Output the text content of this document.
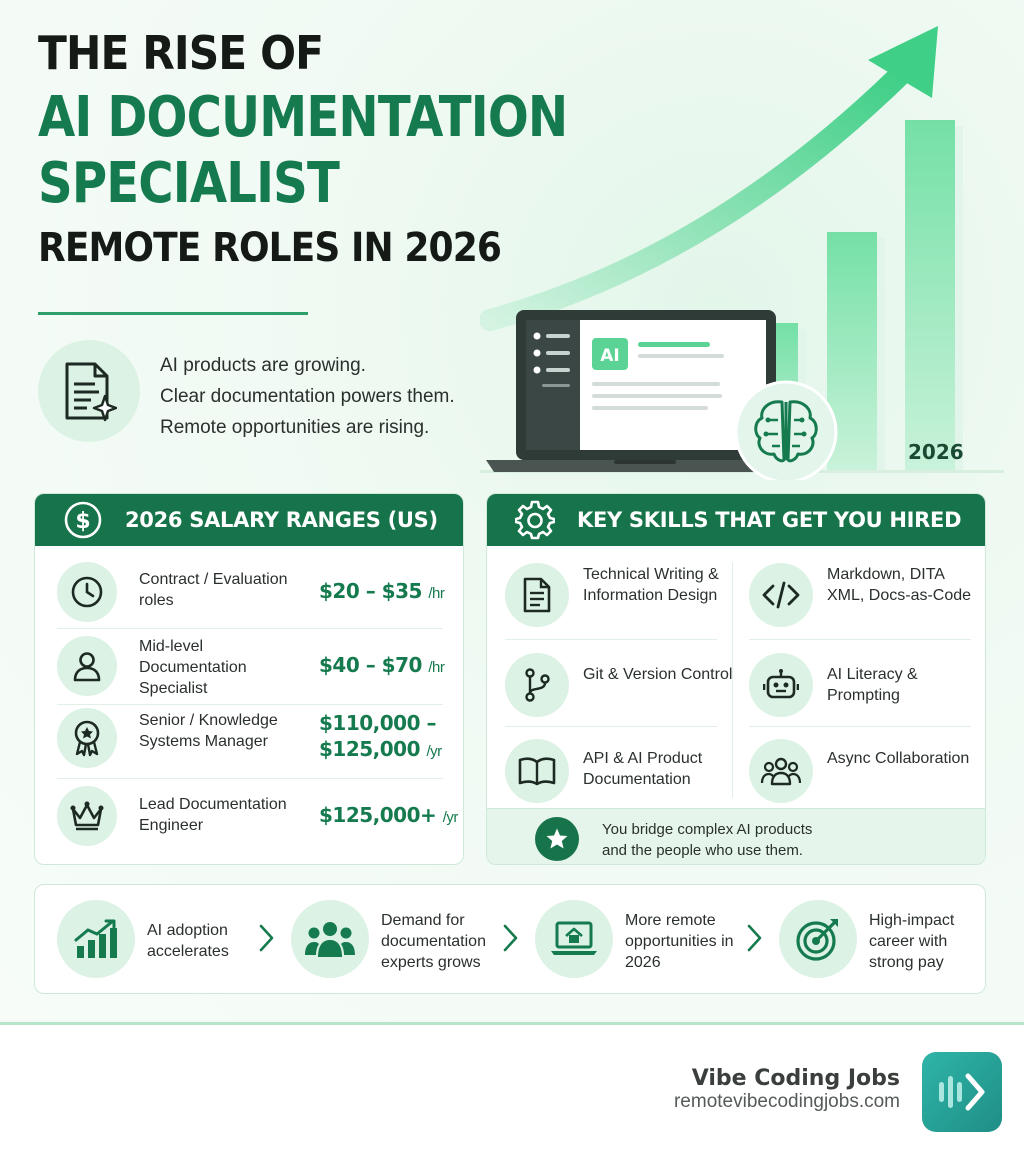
THE RISE OF
AI DOCUMENTATION
SPECIALIST
REMOTE ROLES IN 2026

AI products are growing.

Clear documentation powers them.

Remote opportunities are rising.

AI
2026
$ 2026 SALARY RANGES (US)
Contract / Evaluation roles	$20 – $35 /hr
Mid-level Documentation Specialist
$40 – $70 /hr
Senior / Knowledge Systems Manager
$110,000 –
$125,000 /yr
Lead Documentation Engineer	$125,000+ /yr
KEY SKILLS THAT GET YOU HIRED
Technical Writing & Information Design
Git & Version Control
API & AI Product Documentation
Markdown, DITA XML, Docs-as-Code
AI Literacy & Prompting
Async Collaboration
You bridge complex AI products
and the people who use them.
AI adoption accelerates
Demand for documentation experts grows
More remote opportunities in 2026
High-impact career with strong pay
Vibe Coding Jobs
remotevibecodingjobs.com
